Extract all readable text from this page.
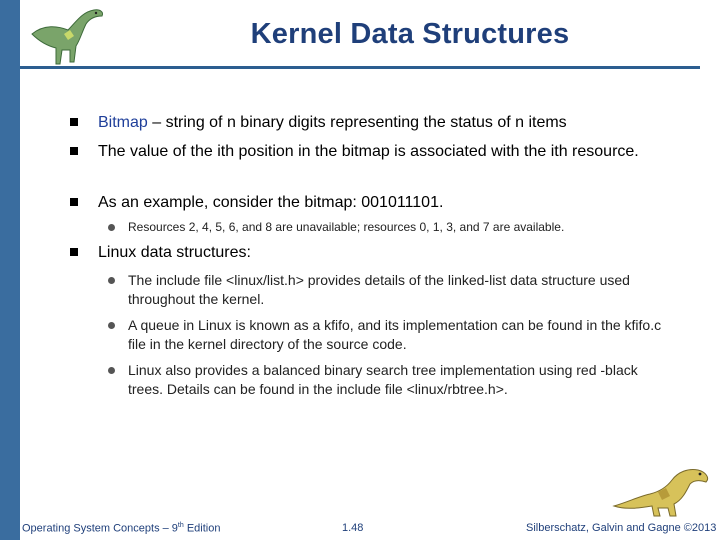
Kernel Data Structures
Bitmap – string of n binary digits representing the status of n items
The value of the ith position in the bitmap is associated with the ith resource.
As an example, consider the bitmap: 001011101.
Resources 2, 4, 5, 6, and 8 are unavailable; resources 0, 1, 3, and 7 are available.
Linux data structures:
The include file <linux/list.h> provides details of the linked-list data structure used throughout the kernel.
A queue in Linux is known as a kfifo, and its implementation can be found in the kfifo.c file in the kernel directory of the source code.
Linux also provides a balanced binary search tree implementation using red -black trees. Details can be found in the include file <linux/rbtree.h>.
Operating System Concepts – 9th Edition	1.48	Silberschatz, Galvin and Gagne ©2013
